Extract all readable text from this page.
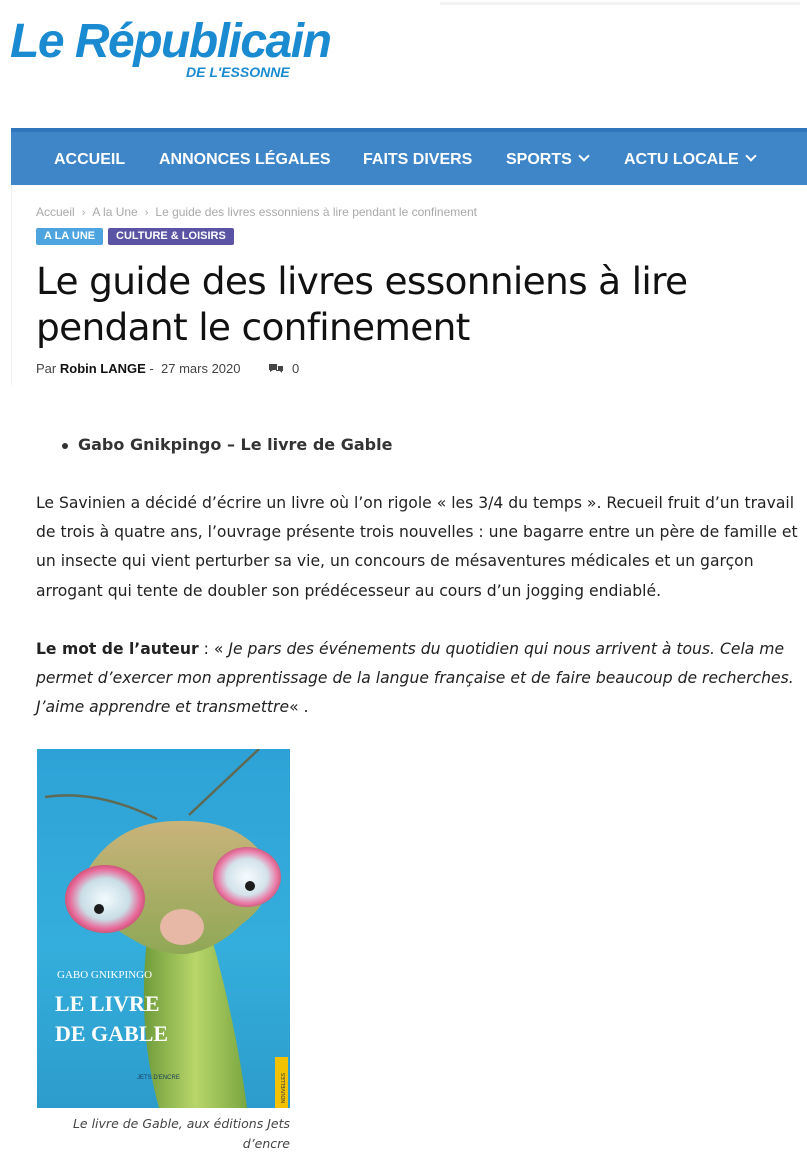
Le Républicain
DE L'ESSONNE
ACCUEIL ANNONCES LÉGALES FAITS DIVERS SPORTS	ACTU LOCALE
Accueil › A la Une › Le guide des livres essonniens à lire pendant le confinement
A LA UNE	CULTURE & LOISIRS
Le guide des livres essonniens à lire pendant le confinement
Par Robin LANGE - 27 mars 2020	0
Gabo Gnikpingo – Le livre de Gable

Le Savinien a décidé d’écrire un livre où l’on rigole « les 3/4 du temps ». Recueil fruit d’un travail de trois à quatre ans, l’ouvrage présente trois nouvelles : une bagarre entre un père de famille et un insecte qui vient perturber sa vie, un concours de mésaventures médicales et un garçon arrogant qui tente de doubler son prédécesseur au cours d’un jogging endiablé.

Le mot de l’auteur : « Je pars des événements du quotidien qui nous arrivent à tous. Cela me permet d’exercer mon apprentissage de la langue française et de faire beaucoup de recherches. J’aime apprendre et transmettre« .

GABO GNIKPINGO
LE LIVRE
DE GABLE
JETS D'ENCRE	NOUVELLES
Le livre de Gable, aux éditions Jets d’encre
